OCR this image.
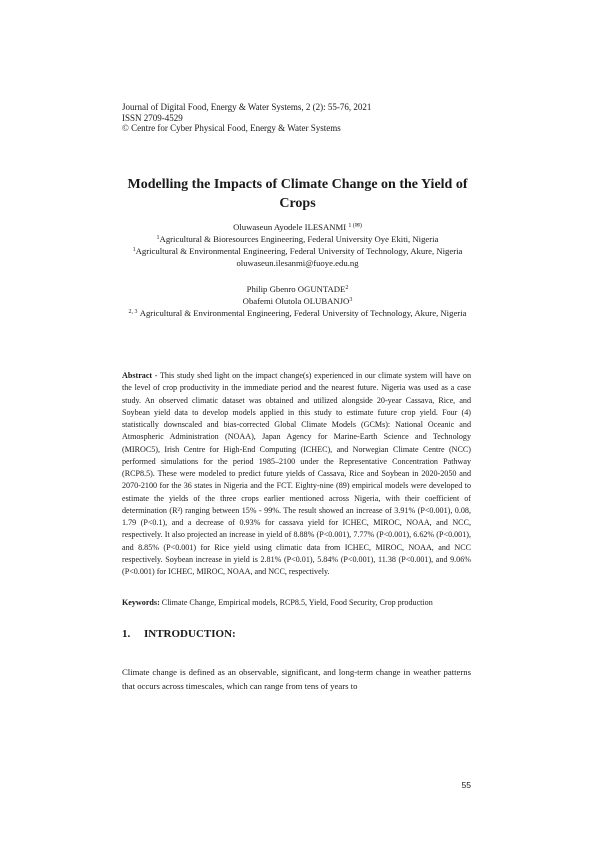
Journal of Digital Food, Energy & Water Systems, 2 (2): 55-76, 2021
ISSN 2709-4529
© Centre for Cyber Physical Food, Energy & Water Systems
Modelling the Impacts of Climate Change on the Yield of Crops
Oluwaseun Ayodele ILESANMI $^{1 (✉)}$
$^1$Agricultural & Bioresources Engineering, Federal University Oye Ekiti, Nigeria
$^1$Agricultural & Environmental Engineering, Federal University of Technology, Akure, Nigeria
oluwaseun.ilesanmi@fuoye.edu.ng
Philip Gbenro OGUNTADE$^2$
Obafemi Olutola OLUBANJO$^3$
$^{2, 3}$ Agricultural & Environmental Engineering, Federal University of Technology, Akure, Nigeria
Abstract - This study shed light on the impact change(s) experienced in our climate system will have on the level of crop productivity in the immediate period and the nearest future. Nigeria was used as a case study. An observed climatic dataset was obtained and utilized alongside 20-year Cassava, Rice, and Soybean yield data to develop models applied in this study to estimate future crop yield. Four (4) statistically downscaled and bias-corrected Global Climate Models (GCMs): National Oceanic and Atmospheric Administration (NOAA), Japan Agency for Marine-Earth Science and Technology (MIROC5), Irish Centre for High-End Computing (ICHEC), and Norwegian Climate Centre (NCC) performed simulations for the period 1985–2100 under the Representative Concentration Pathway (RCP8.5). These were modeled to predict future yields of Cassava, Rice and Soybean in 2020-2050 and 2070-2100 for the 36 states in Nigeria and the FCT. Eighty-nine (89) empirical models were developed to estimate the yields of the three crops earlier mentioned across Nigeria, with their coefficient of determination (R²) ranging between 15% - 99%. The result showed an increase of 3.91% (P<0.001), 0.08, 1.79 (P<0.1), and a decrease of 0.93% for cassava yield for ICHEC, MIROC, NOAA, and NCC, respectively. It also projected an increase in yield of 8.88% (P<0.001), 7.77% (P<0.001), 6.62% (P<0.001), and 8.85% (P<0.001) for Rice yield using climatic data from ICHEC, MIROC, NOAA, and NCC respectively. Soybean increase in yield is 2.81% (P<0.01), 5.84% (P<0.001), 11.38 (P<0.001), and 9.06% (P<0.001) for ICHEC, MIROC, NOAA, and NCC, respectively.
Keywords: Climate Change, Empirical models, RCP8.5, Yield, Food Security, Crop production
1. INTRODUCTION:
Climate change is defined as an observable, significant, and long-term change in weather patterns that occurs across timescales, which can range from tens of years to
55
